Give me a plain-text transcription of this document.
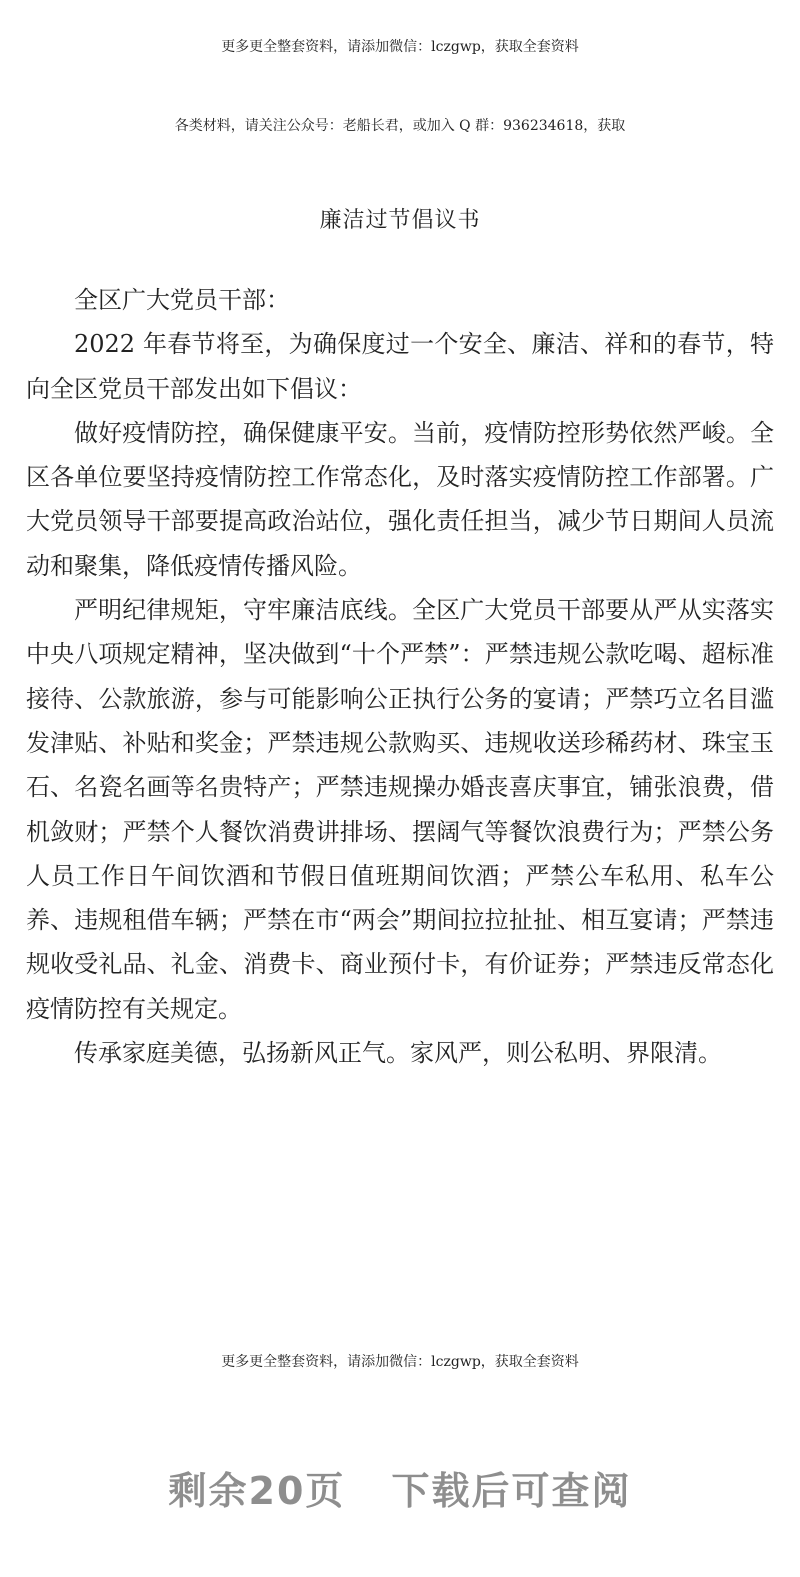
更多更全整套资料，请添加微信：lczgwp，获取全套资料
各类材料，请关注公众号：老船长君，或加入 Q 群：936234618，获取
廉洁过节倡议书

全区广大党员干部：

2022 年春节将至，为确保度过一个安全、廉洁、祥和的春节，特向全区党员干部发出如下倡议：

做好疫情防控，确保健康平安。当前，疫情防控形势依然严峻。全区各单位要坚持疫情防控工作常态化，及时落实疫情防控工作部署。广大党员领导干部要提高政治站位，强化责任担当，减少节日期间人员流动和聚集，降低疫情传播风险。

严明纪律规矩，守牢廉洁底线。全区广大党员干部要从严从实落实中央八项规定精神，坚决做到“十个严禁”：严禁违规公款吃喝、超标准接待、公款旅游，参与可能影响公正执行公务的宴请；严禁巧立名目滥发津贴、补贴和奖金；严禁违规公款购买、违规收送珍稀药材、珠宝玉石、名瓷名画等名贵特产；严禁违规操办婚丧喜庆事宜，铺张浪费，借机敛财；严禁个人餐饮消费讲排场、摆阔气等餐饮浪费行为；严禁公务人员工作日午间饮酒和节假日值班期间饮酒；严禁公车私用、私车公养、违规租借车辆；严禁在市“两会”期间拉拉扯扯、相互宴请；严禁违规收受礼品、礼金、消费卡、商业预付卡，有价证券；严禁违反常态化疫情防控有关规定。

传承家庭美德，弘扬新风正气。家风严，则公私明、界限清。

更多更全整套资料，请添加微信：lczgwp，获取全套资料
剩余20页 下载后可查阅
